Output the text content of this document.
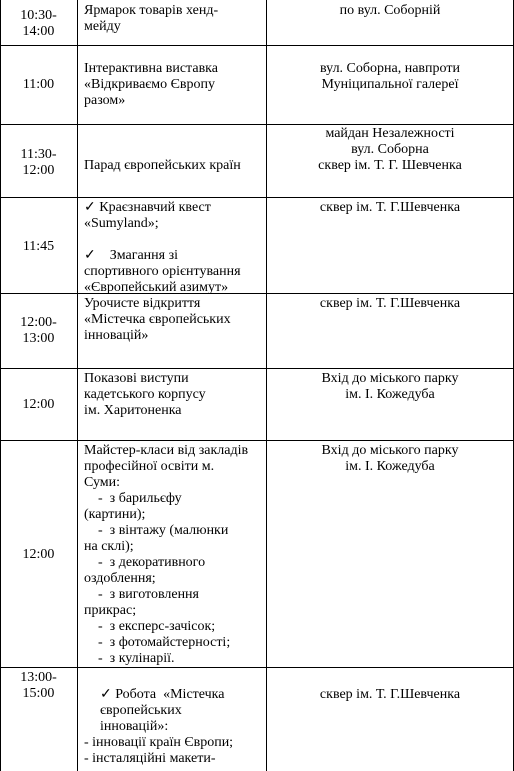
10:30-
14:00
Ярмарок товарів хенд-
мейду
по вул. Соборній
11:00
Інтерактивна виставка
«Відкриваємо Європу
разом»
вул. Соборна, навпроти
Муніципальної галереї
11:30-
12:00	Парад європейських країн
майдан Незалежності
вул. Соборна
сквер ім. Т. Г. Шевченка
11:45
✓ Краєзнавчий квест
«Sumyland»;
✓    Змагання зі
спортивного орієнтування
«Європейський азимут»
сквер ім. Т. Г.Шевченка
12:00-
13:00
Урочисте відкриття
«Містечка європейських
інновацій»
сквер ім. Т. Г.Шевченка
12:00
Показові виступи
кадетського корпусу
ім. Харитоненка
Вхід до міського парку
ім. І. Кожедуба
12:00
Майстер-класи від закладів
професійної освіти м.
Суми:
-  з барильєфу
(картини);
-  з вінтажу (малюнки
на склі);
-  з декоративного
оздоблення;
-  з виготовлення
прикрас;
-  з експерс-зачісок;
-  з фотомайстерності;
-  з кулінарії.
Вхід до міського парку
ім. І. Кожедуба
13:00-
15:00	✓ Робота  «Містечка
європейських
інновацій»:
- інновації країн Європи;
- інсталяційні макети-
сквер ім. Т. Г.Шевченка
